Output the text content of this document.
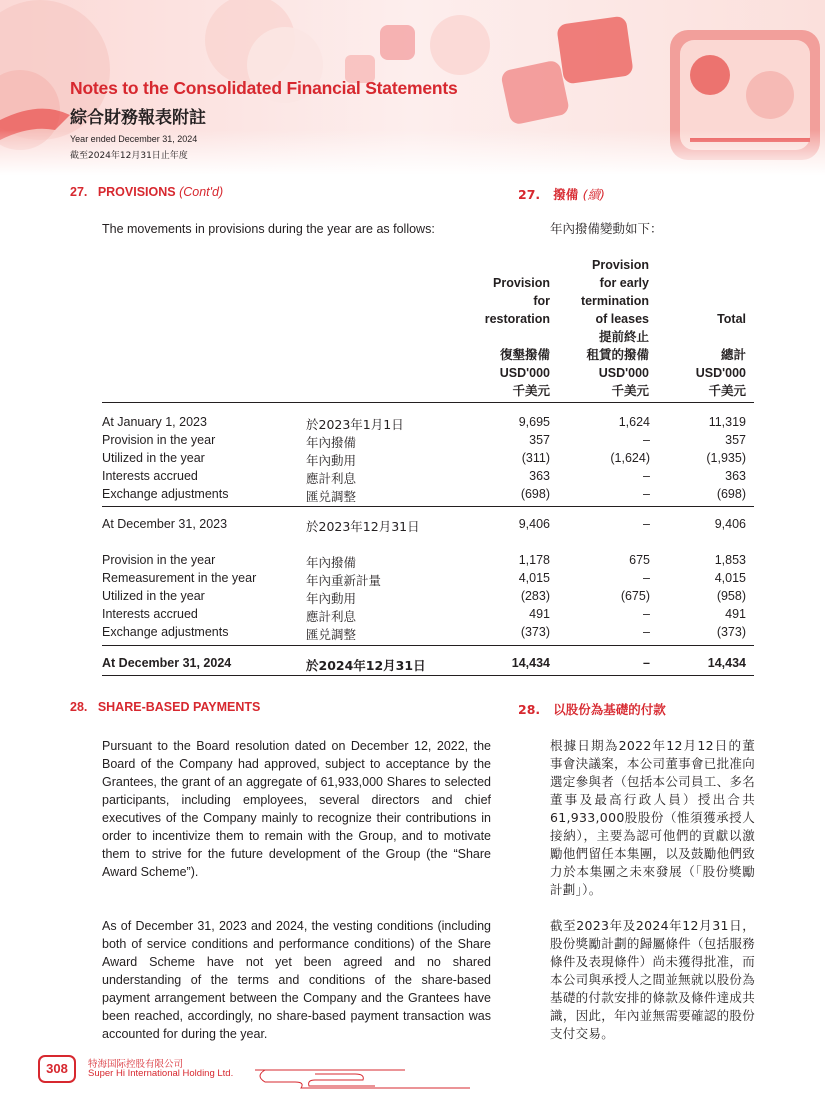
Notes to the Consolidated Financial Statements
綜合財務報表附註
Year ended December 31, 2024
截至2024年12月31日止年度
27. PROVISIONS (Cont'd)	27. 撥備 (續)
The movements in provisions during the year are as follows:	年內撥備變動如下：
Provision
for
restoration
復墾撥備
USD'000
千美元
Provision
for early
termination
of leases
提前終止
租賃的撥備
USD'000
千美元
Total
總計
USD'000
千美元
At January 1, 2023	於2023年1月1日	9,695	1,624	11,319
Provision in the year	年內撥備	357	–	357
Utilized in the year	年內動用	(311)	(1,624)	(1,935)
Interests accrued	應計利息	363	–	363
Exchange adjustments	匯兑調整	(698)	–	(698)
At December 31, 2023	於2023年12月31日	9,406	–	9,406
Provision in the year	年內撥備	1,178	675	1,853
Remeasurement in the year	年內重新計量	4,015	–	4,015
Utilized in the year	年內動用	(283)	(675)	(958)
Interests accrued	應計利息	491	–	491
Exchange adjustments	匯兑調整	(373)	–	(373)
At December 31, 2024	於2024年12月31日	14,434	–	14,434
28. SHARE-BASED PAYMENTS	28. 以股份為基礎的付款
Pursuant to the Board resolution dated on December 12, 2022, the Board of the Company had approved, subject to acceptance by the Grantees, the grant of an aggregate of 61,933,000 Shares to selected participants, including employees, several directors and chief executives of the Company mainly to recognize their contributions in order to incentivize them to remain with the Group, and to motivate them to strive for the future development of the Group (the “Share Award Scheme”).
As of December 31, 2023 and 2024, the vesting conditions (including both of service conditions and performance conditions) of the Share Award Scheme have not yet been agreed and no shared understanding of the terms and conditions of the share-based payment arrangement between the Company and the Grantees have been reached, accordingly, no share-based payment transaction was accounted for during the year.
根據日期為2022年12月12日的董事會決議案，本公司董事會已批准向選定參與者（包括本公司員工、多名董事及最高行政人員）授出合共61,933,000股股份（惟須獲承授人接納），主要為認可他們的貢獻以激勵他們留任本集團，以及鼓勵他們致力於本集團之未來發展（「股份獎勵計劃」）。
截至2023年及2024年12月31日，股份獎勵計劃的歸屬條件（包括服務條件及表現條件）尚未獲得批准，而本公司與承授人之間並無就以股份為基礎的付款安排的條款及條件達成共識，因此，年內並無需要確認的股份支付交易。
308	特海国际控股有限公司
Super Hi International Holding Ltd.
